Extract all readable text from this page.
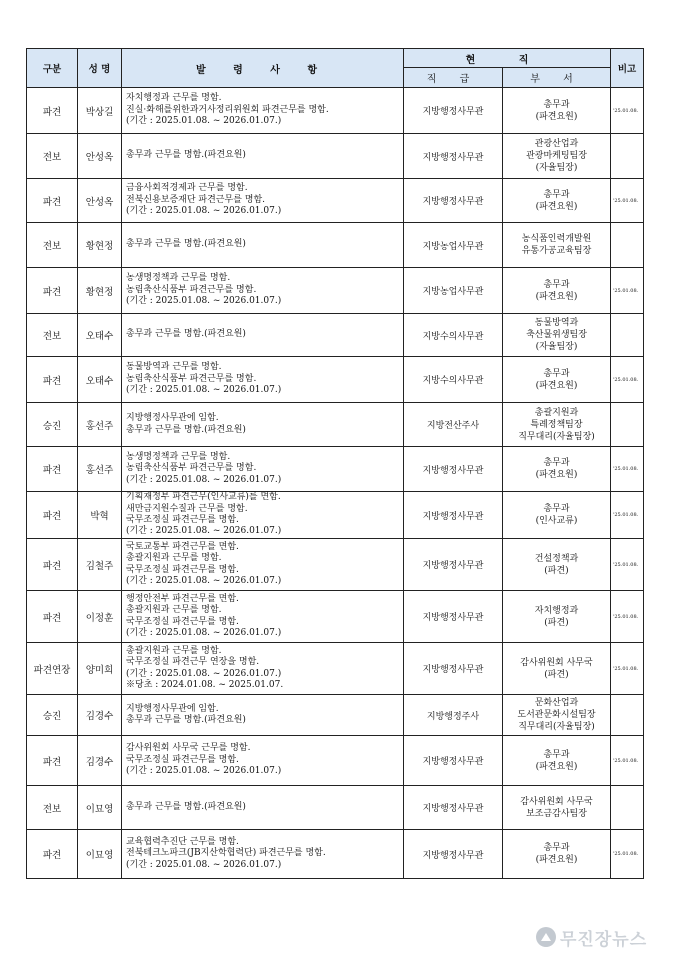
구분	성 명	발 령 사 항	현 직		비고
			직 급	부 서	
파견	박상길	자치행정과 근무를 명함.
진실·화해를위한과거사정리위원회 파견근무를 명함.
(기간 : 2025.01.08. ~ 2026.01.07.)	지방행정사무관	총무과
(파견요원)	'25.01.08.
전보	안성옥	총무과 근무를 명함.(파견요원)	지방행정사무관	관광산업과
관광마케팅팀장
(자율팀장)	
파견	안성옥	금융사회적경제과 근무를 명함.
전북신용보증재단 파견근무를 명함.
(기간 : 2025.01.08. ~ 2026.01.07.)	지방행정사무관	총무과
(파견요원)	'25.01.08.
전보	황현정	총무과 근무를 명함.(파견요원)	지방농업사무관	농식품인력개발원
유통가공교육팀장	
파견	황현정	농생명정책과 근무를 명함.
농림축산식품부 파견근무를 명함.
(기간 : 2025.01.08. ~ 2026.01.07.)	지방농업사무관	총무과
(파견요원)	'25.01.08.
전보	오태수	총무과 근무를 명함.(파견요원)	지방수의사무관	동물방역과
축산물위생팀장
(자율팀장)	
파견	오태수	동물방역과 근무를 명함.
농림축산식품부 파견근무를 명함.
(기간 : 2025.01.08. ~ 2026.01.07.)	지방수의사무관	총무과
(파견요원)	'25.01.08.
승진	홍선주	지방행정사무관에 임함.
총무과 근무를 명함.(파견요원)	지방전산주사	총괄지원과
특례정책팀장
직무대리(자율팀장)	
파견	홍선주	농생명정책과 근무를 명함.
농림축산식품부 파견근무를 명함.
(기간 : 2025.01.08. ~ 2026.01.07.)	지방행정사무관	총무과
(파견요원)	'25.01.08.
파견	박혁	기획재정부 파견근무(인사교류)를 면함.
새만금지원수질과 근무를 명함.
국무조정실 파견근무를 명함.
(기간 : 2025.01.08. ~ 2026.01.07.)	지방행정사무관	총무과
(인사교류)	'25.01.08.
파견	김철주	국토교통부 파견근무를 면함.
총괄지원과 근무를 명함.
국무조정실 파견근무를 명함.
(기간 : 2025.01.08. ~ 2026.01.07.)	지방행정사무관	건설정책과
(파견)	'25.01.08.
파견	이정훈	행정안전부 파견근무를 면함.
총괄지원과 근무를 명함.
국무조정실 파견근무를 명함.
(기간 : 2025.01.08. ~ 2026.01.07.)	지방행정사무관	자치행정과
(파견)	'25.01.08.
파견연장	양미희	총괄지원과 근무를 명함.
국무조정실 파견근무 연장을 명함.
(기간 : 2025.01.08. ~ 2026.01.07.)
※당초 : 2024.01.08. ~ 2025.01.07.	지방행정사무관	감사위원회 사무국
(파견)	'25.01.08.
승진	김경수	지방행정사무관에 임함.
총무과 근무를 명함.(파견요원)	지방행정주사	문화산업과
도서관문화시설팀장
직무대리(자율팀장)	
파견	김경수	감사위원회 사무국 근무를 명함.
국무조정실 파견근무를 명함.
(기간 : 2025.01.08. ~ 2026.01.07.)	지방행정사무관	총무과
(파견요원)	'25.01.08.
전보	이묘영	총무과 근무를 명함.(파견요원)	지방행정사무관	감사위원회 사무국
보조금감사팀장	
파견	이묘영	교육협력추진단 근무를 명함.
전북테크노파크(JB지산학협력단) 파견근무를 명함.
(기간 : 2025.01.08. ~ 2026.01.07.)	지방행정사무관	총무과
(파견요원)	'25.01.08.
무진장뉴스
